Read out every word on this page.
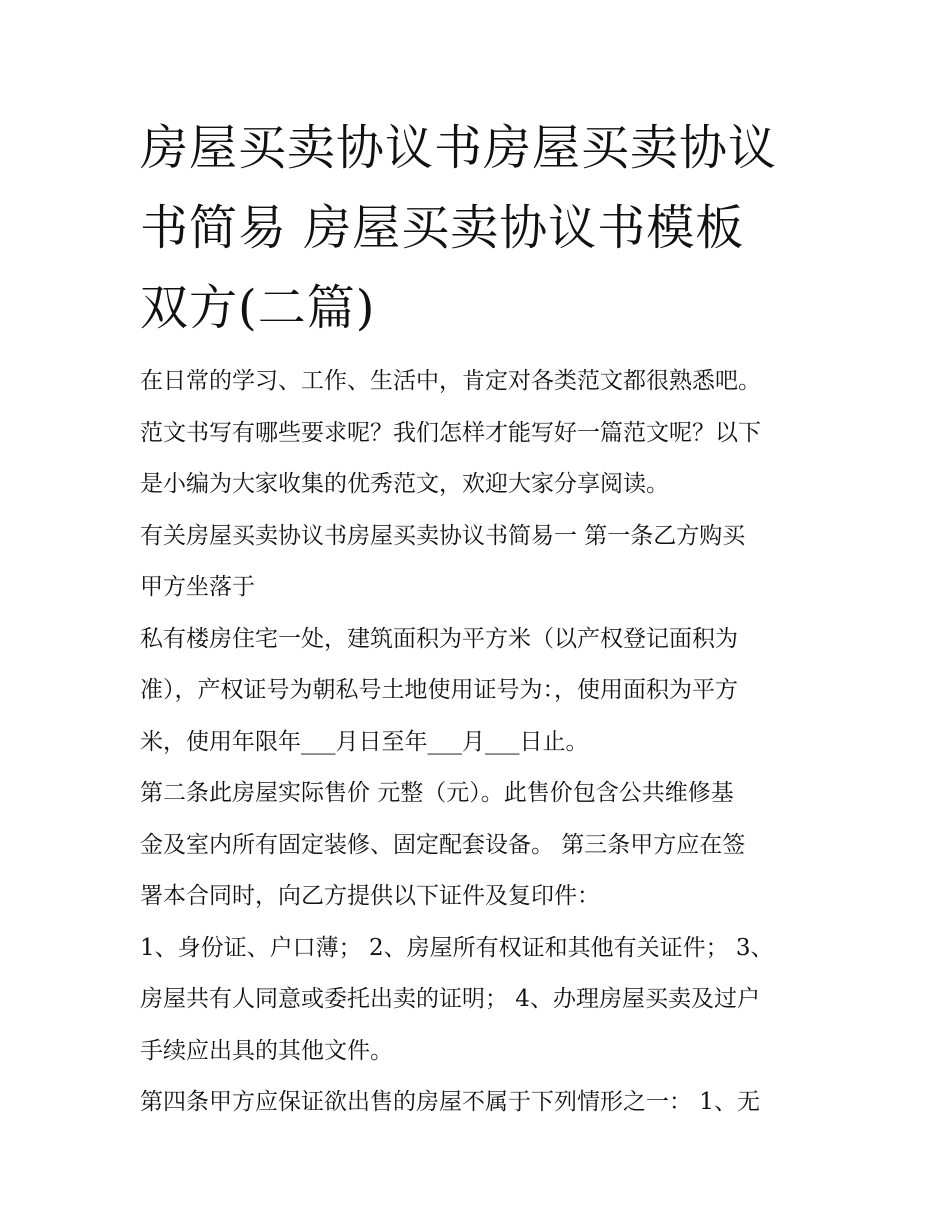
房屋买卖协议书房屋买卖协议
书简易 房屋买卖协议书模板
双方(二篇)
在日常的学习、工作、生活中，肯定对各类范文都很熟悉吧。
范文书写有哪些要求呢？我们怎样才能写好一篇范文呢？以下
是小编为大家收集的优秀范文，欢迎大家分享阅读。
有关房屋买卖协议书房屋买卖协议书简易一 第一条乙方购买
甲方坐落于
私有楼房住宅一处，建筑面积为平方米（以产权登记面积为
准），产权证号为朝私号土地使用证号为：，使用面积为平方
米，使用年限年___月日至年___月___日止。
第二条此房屋实际售价 元整（元）。此售价包含公共维修基
金及室内所有固定装修、固定配套设备。 第三条甲方应在签
署本合同时，向乙方提供以下证件及复印件：
1、身份证、户口薄； 2、房屋所有权证和其他有关证件； 3、
房屋共有人同意或委托出卖的证明； 4、办理房屋买卖及过户
手续应出具的其他文件。
第四条甲方应保证欲出售的房屋不属于下列情形之一： 1、无
